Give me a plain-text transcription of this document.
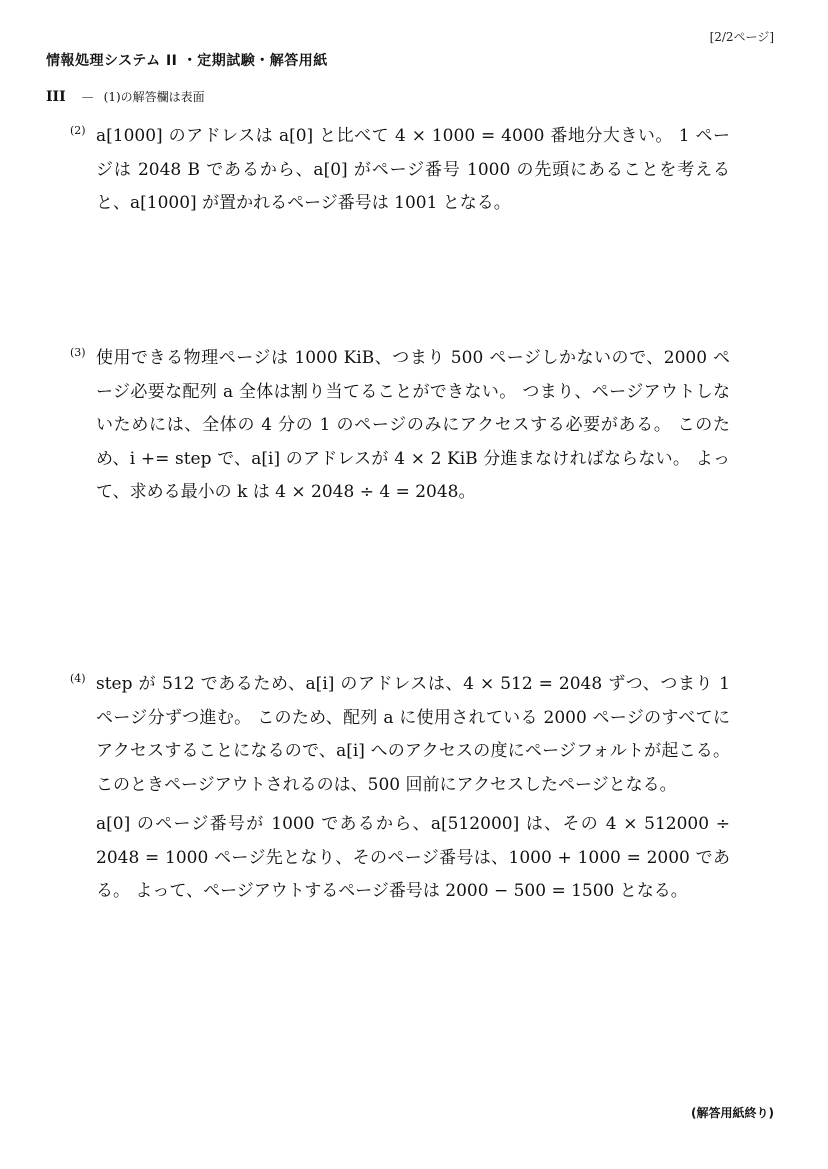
[2/2ページ]
情報処理システム II ・定期試験・解答用紙
III — (1)の解答欄は表面
(2) a[1000] のアドレスは a[0] と比べて 4 × 1000 = 4000 番地分大きい。 1 ページは 2048 B であるから、a[0] がページ番号 1000 の先頭にあることを考えると、a[1000] が置かれるページ番号は 1001 となる。

(3) 使用できる物理ページは 1000 KiB、つまり 500 ページしかないので、2000 ページ必要な配列 a 全体は割り当てることができない。 つまり、ページアウトしないためには、全体の 4 分の 1 のページのみにアクセスする必要がある。 このため、i += step で、a[i] のアドレスが 4 × 2 KiB 分進まなければならない。 よって、求める最小の k は 4 × 2048 ÷ 4 = 2048。

(4) step が 512 であるため、a[i] のアドレスは、4 × 512 = 2048 ずつ、つまり 1 ページ分ずつ進む。 このため、配列 a に使用されている 2000 ページのすべてにアクセスすることになるので、a[i] へのアクセスの度にページフォルトが起こる。このときページアウトされるのは、500 回前にアクセスしたページとなる。

a[0] のページ番号が 1000 であるから、a[512000] は、その 4 × 512000 ÷ 2048 = 1000 ページ先となり、そのページ番号は、1000 + 1000 = 2000 である。 よって、ページアウトするページ番号は 2000 − 500 = 1500 となる。

(解答用紙終り)
